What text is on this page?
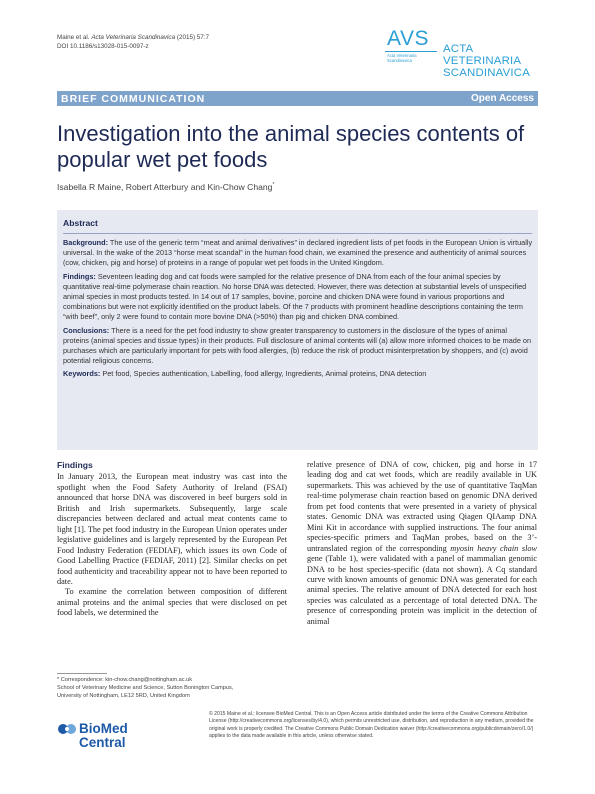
Maine et al. Acta Veterinaria Scandinavica (2015) 57:7
DOI 10.1186/s13028-015-0097-z	AVS
Acta Veterinaria
Scandinavica
ACTA VETERINARIA
SCANDINAVICA
BRIEF COMMUNICATION	Open Access
Investigation into the animal species contents of
popular wet pet foods
Isabella R Maine, Robert Atterbury and Kin-Chow Chang*
Abstract

Background: The use of the generic term “meat and animal derivatives” in declared ingredient lists of pet foods in the European Union is virtually universal. In the wake of the 2013 “horse meat scandal” in the human food chain, we examined the presence and authenticity of animal sources (cow, chicken, pig and horse) of proteins in a range of popular wet pet foods in the United Kingdom.

Findings: Seventeen leading dog and cat foods were sampled for the relative presence of DNA from each of the four animal species by quantitative real-time polymerase chain reaction. No horse DNA was detected. However, there was detection at substantial levels of unspecified animal species in most products tested. In 14 out of 17 samples, bovine, porcine and chicken DNA were found in various proportions and combinations but were not explicitly identified on the product labels. Of the 7 products with prominent headline descriptions containing the term “with beef”, only 2 were found to contain more bovine DNA (>50%) than pig and chicken DNA combined.

Conclusions: There is a need for the pet food industry to show greater transparency to customers in the disclosure of the types of animal proteins (animal species and tissue types) in their products. Full disclosure of animal contents will (a) allow more informed choices to be made on purchases which are particularly important for pets with food allergies, (b) reduce the risk of product misinterpretation by shoppers, and (c) avoid potential religious concerns.

Keywords: Pet food, Species authentication, Labelling, food allergy, Ingredients, Animal proteins, DNA detection

Findings

In January 2013, the European meat industry was cast into the spotlight when the Food Safety Authority of Ireland (FSAI) announced that horse DNA was discovered in beef burgers sold in British and Irish supermarkets. Subsequently, large scale discrepancies between declared and actual meat contents came to light [1]. The pet food industry in the European Union operates under legislative guidelines and is largely represented by the European Pet Food Industry Federation (FEDIAF), which issues its own Code of Good Labelling Practice (FEDIAF, 2011) [2]. Similar checks on pet food authenticity and traceability appear not to have been reported to date.

To examine the correlation between composition of different animal proteins and the animal species that were disclosed on pet food labels, we determined the

relative presence of DNA of cow, chicken, pig and horse in 17 leading dog and cat wet foods, which are readily available in UK supermarkets. This was achieved by the use of quantitative TaqMan real-time polymerase chain reaction based on genomic DNA derived from pet food contents that were presented in a variety of physical states. Genomic DNA was extracted using Qiagen QIAamp DNA Mini Kit in accordance with supplied instructions. The four animal species-specific primers and TaqMan probes, based on the 3’-untranslated region of the corresponding myosin heavy chain slow gene (Table 1), were validated with a panel of mammalian genomic DNA to be host species-specific (data not shown). A Cq standard curve with known amounts of genomic DNA was generated for each animal species. The relative amount of DNA detected for each host species was calculated as a percentage of total detected DNA. The presence of corresponding protein was implicit in the detection of animal

* Correspondence: kin-chow.chang@nottingham.ac.uk
School of Veterinary Medicine and Science, Sutton Bonington Campus,
University of Nottingham, LE12 5RD, United Kingdom
BioMed Central
© 2015 Maine et al.; licensee BioMed Central. This is an Open Access article distributed under the terms of the Creative Commons Attribution License (http://creativecommons.org/licenses/by/4.0), which permits unrestricted use, distribution, and reproduction in any medium, provided the original work is properly credited. The Creative Commons Public Domain Dedication waiver (http://creativecommons.org/publicdomain/zero/1.0/) applies to the data made available in this article, unless otherwise stated.
